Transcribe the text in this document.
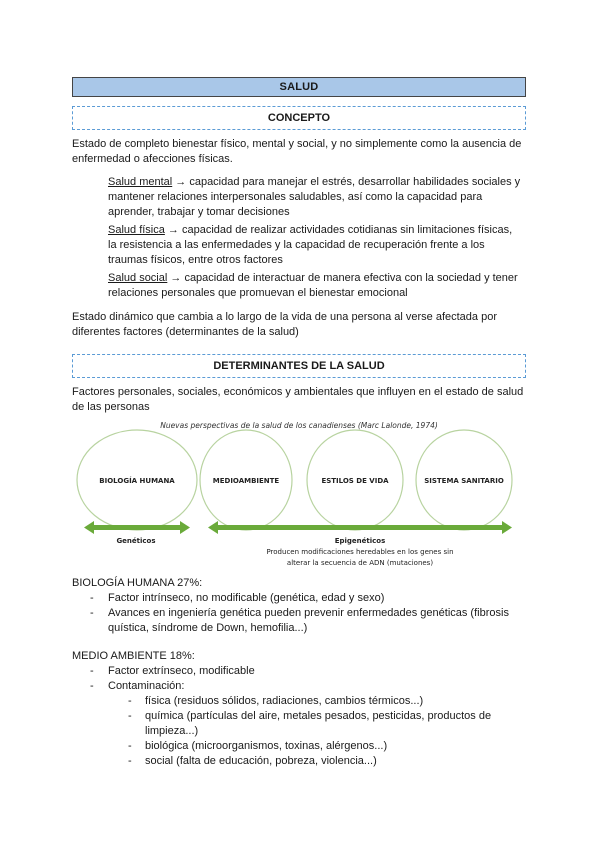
SALUD
CONCEPTO

Estado de completo bienestar físico, mental y social, y no simplemente como la ausencia de

enfermedad o afecciones físicas.

Salud mental → capacidad para manejar el estrés, desarrollar habilidades sociales y

mantener relaciones interpersonales saludables, así como la capacidad para

aprender, trabajar y tomar decisiones

Salud física → capacidad de realizar actividades cotidianas sin limitaciones físicas,

la resistencia a las enfermedades y la capacidad de recuperación frente a los

traumas físicos, entre otros factores

Salud social → capacidad de interactuar de manera efectiva con la sociedad y tener

relaciones personales que promuevan el bienestar emocional

Estado dinámico que cambia a lo largo de la vida de una persona al verse afectada por

diferentes factores (determinantes de la salud)

DETERMINANTES DE LA SALUD

Factores personales, sociales, económicos y ambientales que influyen en el estado de salud

de las personas

Nuevas perspectivas de la salud de los canadienses (Marc Lalonde, 1974)
BIOLOGÍA HUMANA	MEDIOAMBIENTE	ESTILOS DE VIDA	SISTEMA SANITARIO
Genéticos	Epigenéticos
Producen modificaciones heredables en los genes sin
alterar la secuencia de ADN (mutaciones)

BIOLOGÍA HUMANA 27%:

- Factor intrínseco, no modificable (genética, edad y sexo)

- Avances en ingeniería genética pueden prevenir enfermedades genéticas (fibrosis

quística, síndrome de Down, hemofilia...)

MEDIO AMBIENTE 18%:

- Factor extrínseco, modificable

- Contaminación:

- física (residuos sólidos, radiaciones, cambios térmicos...)

- química (partículas del aire, metales pesados, pesticidas, productos de

limpieza...)

- biológica (microorganismos, toxinas, alérgenos...)

- social (falta de educación, pobreza, violencia...)
